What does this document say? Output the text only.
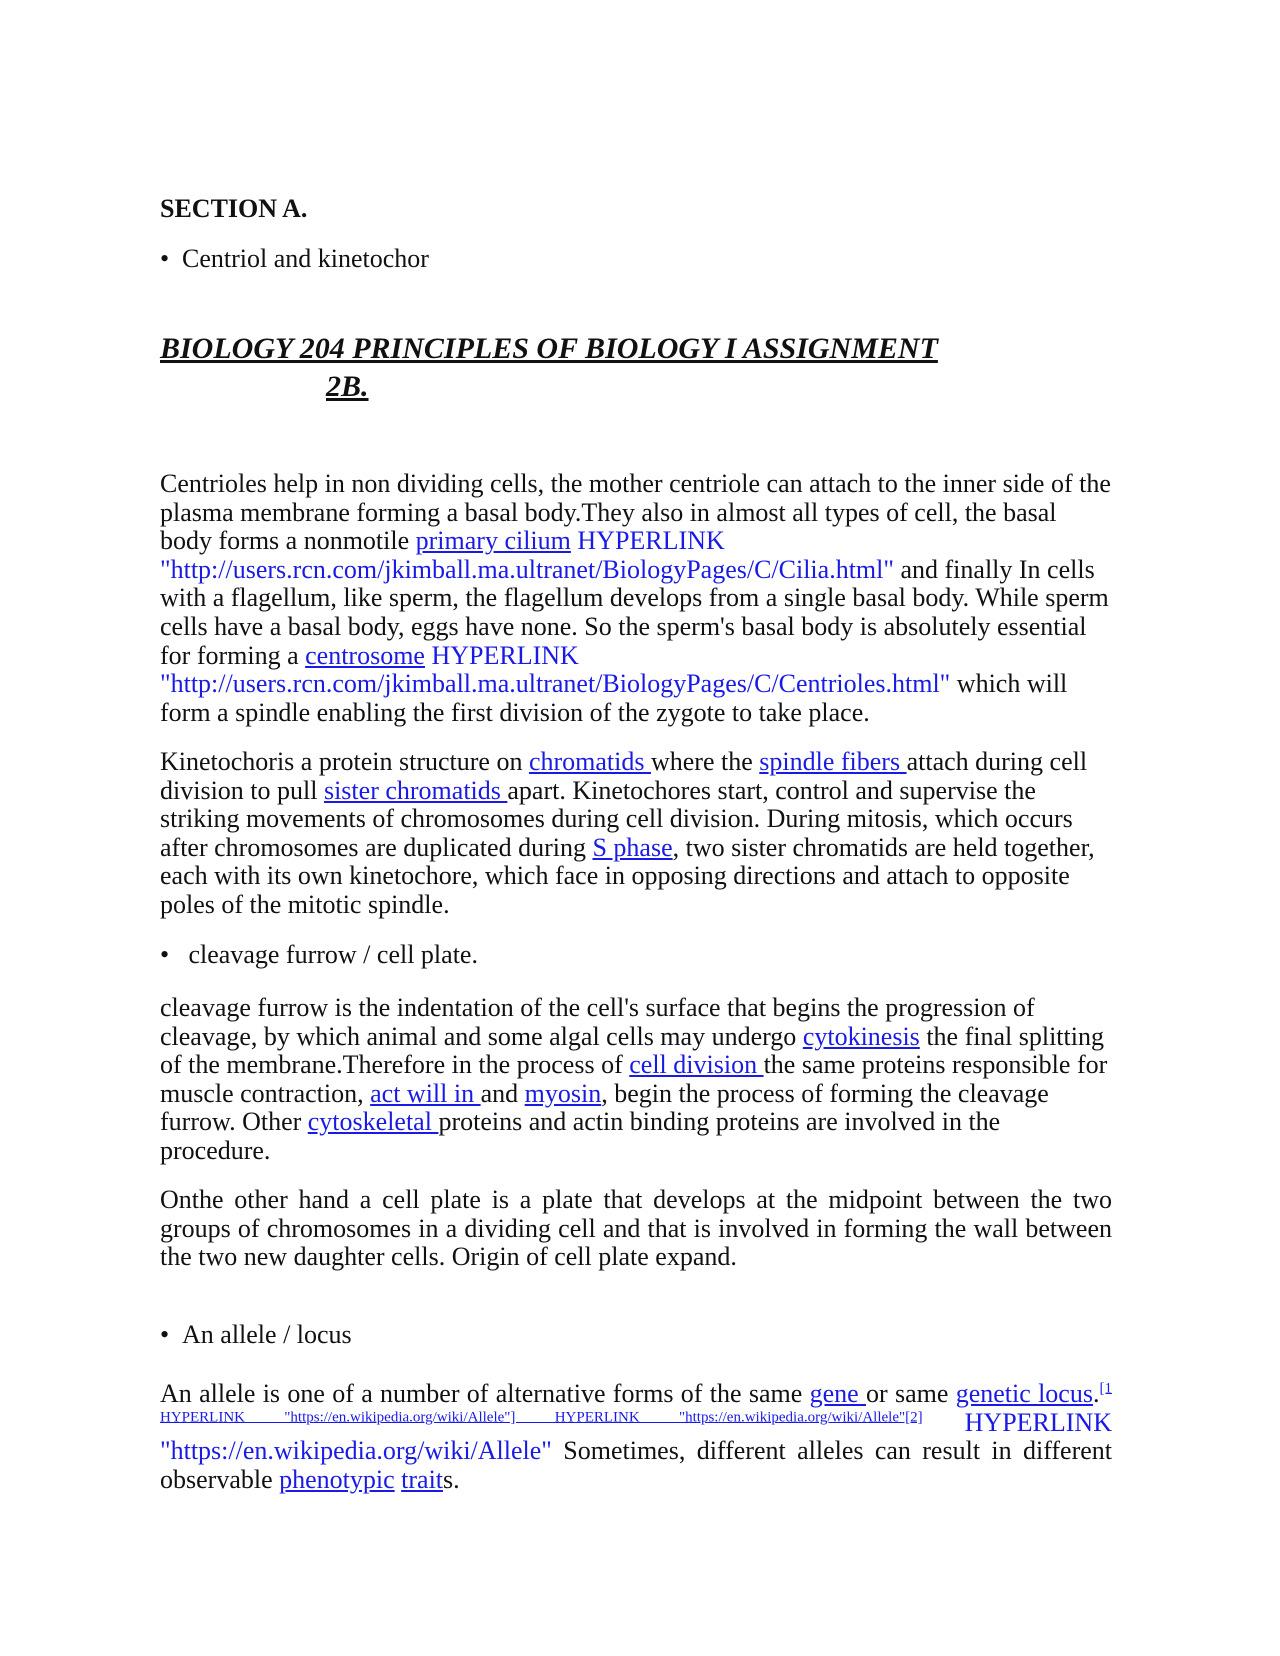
SECTION A.
• Centriol and kinetochor
BIOLOGY 204 PRINCIPLES OF BIOLOGY I ASSIGNMENT
2B.

Centrioles help in non dividing cells, the mother centriole can attach to the inner side of the plasma membrane forming a basal body.They also in almost all types of cell, the basal body forms a nonmotile primary cilium HYPERLINK "http://users.rcn.com/jkimball.ma.ultranet/BiologyPages/C/Cilia.html" and finally In cells with a flagellum, like sperm, the flagellum develops from a single basal body. While sperm cells have a basal body, eggs have none. So the sperm's basal body is absolutely essential for forming a centrosome HYPERLINK "http://users.rcn.com/jkimball.ma.ultranet/BiologyPages/C/Centrioles.html" which will form a spindle enabling the first division of the zygote to take place.

Kinetochoris a protein structure on chromatids where the spindle fibers attach during cell division to pull sister chromatids apart. Kinetochores start, control and supervise the striking movements of chromosomes during cell division. During mitosis, which occurs after chromosomes are duplicated during S phase, two sister chromatids are held together, each with its own kinetochore, which face in opposing directions and attach to opposite poles of the mitotic spindle.

• cleavage furrow / cell plate.

cleavage furrow is the indentation of the cell's surface that begins the progression of cleavage, by which animal and some algal cells may undergo cytokinesis the final splitting of the membrane.Therefore in the process of cell division the same proteins responsible for muscle contraction, act will in and myosin, begin the process of forming the cleavage furrow. Other cytoskeletal proteins and actin binding proteins are involved in the procedure.

Onthe other hand a cell plate is a plate that develops at the midpoint between the two groups of chromosomes in a dividing cell and that is involved in forming the wall between the two new daughter cells. Origin of cell plate expand.

• An allele / locus

An allele is one of a number of alternative forms of the same gene or same genetic locus.[1 HYPERLINK "https://en.wikipedia.org/wiki/Allele"] HYPERLINK "https://en.wikipedia.org/wiki/Allele"[2] HYPERLINK "https://en.wikipedia.org/wiki/Allele" Sometimes, different alleles can result in different observable phenotypic traits.
